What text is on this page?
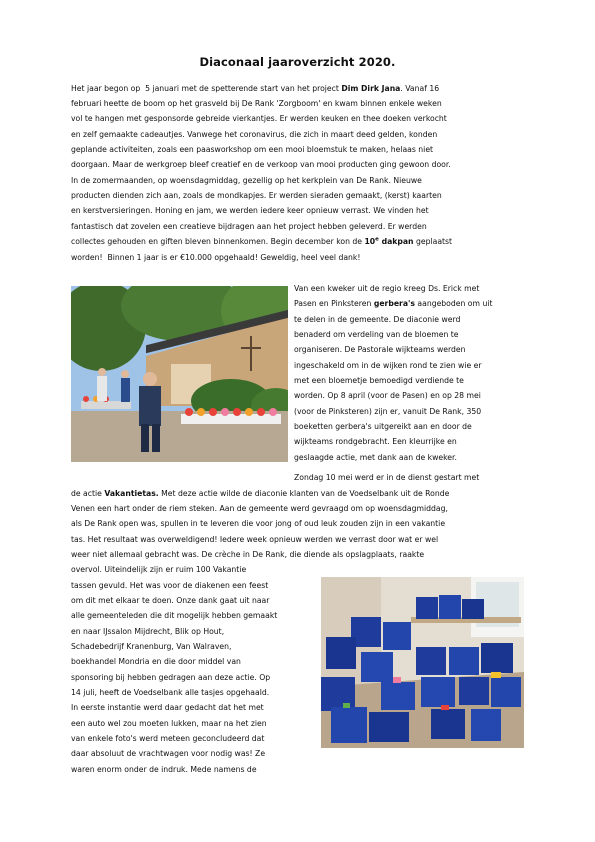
Diaconaal jaaroverzicht 2020.
Het jaar begon op  5 januari met de spetterende start van het project Dim Dirk Jana. Vanaf 16
februari heette de boom op het grasveld bij De Rank 'Zorgboom' en kwam binnen enkele weken
vol te hangen met gesponsorde gebreide vierkantjes. Er werden keuken en thee doeken verkocht
en zelf gemaakte cadeautjes. Vanwege het coronavirus, die zich in maart deed gelden, konden
geplande activiteiten, zoals een paasworkshop om een mooi bloemstuk te maken, helaas niet
doorgaan. Maar de werkgroep bleef creatief en de verkoop van mooi producten ging gewoon door.
In de zomermaanden, op woensdagmiddag, gezellig op het kerkplein van De Rank. Nieuwe
producten dienden zich aan, zoals de mondkapjes. Er werden sieraden gemaakt, (kerst) kaarten
en kerstversieringen. Honing en jam, we werden iedere keer opnieuw verrast. We vinden het
fantastisch dat zovelen een creatieve bijdragen aan het project hebben geleverd. Er werden
collectes gehouden en giften bleven binnenkomen. Begin december kon de 10e dakpan geplaatst
worden!  Binnen 1 jaar is er €10.000 opgehaald! Geweldig, heel veel dank!
Van een kweker uit de regio kreeg Ds. Erick met
Pasen en Pinksteren gerbera's aangeboden om uit
te delen in de gemeente. De diaconie werd
benaderd om verdeling van de bloemen te
organiseren. De Pastorale wijkteams werden
ingeschakeld om in de wijken rond te zien wie er
met een bloemetje bemoedigd verdiende te
worden. Op 8 april (voor de Pasen) en op 28 mei
(voor de Pinksteren) zijn er, vanuit De Rank, 350
boeketten gerbera's uitgereikt aan en door de
wijkteams rondgebracht. Een kleurrijke en
geslaagde actie, met dank aan de kweker.
Zondag 10 mei werd er in de dienst gestart met
de actie Vakantietas. Met deze actie wilde de diaconie klanten van de Voedselbank uit de Ronde
Venen een hart onder de riem steken. Aan de gemeente werd gevraagd om op woensdagmiddag,
als De Rank open was, spullen in te leveren die voor jong of oud leuk zouden zijn in een vakantie
tas. Het resultaat was overweldigend! Iedere week opnieuw werden we verrast door wat er wel
weer niet allemaal gebracht was. De crèche in De Rank, die diende als opslagplaats, raakte
overvol. Uiteindelijk zijn er ruim 100 Vakantie
tassen gevuld. Het was voor de diakenen een feest
om dit met elkaar te doen. Onze dank gaat uit naar
alle gemeenteleden die dit mogelijk hebben gemaakt
en naar IJssalon Mijdrecht, Blik op Hout,
Schadebedrijf Kranenburg, Van Walraven,
boekhandel Mondria en die door middel van
sponsoring bij hebben gedragen aan deze actie. Op
14 juli, heeft de Voedselbank alle tasjes opgehaald.
In eerste instantie werd daar gedacht dat het met
een auto wel zou moeten lukken, maar na het zien
van enkele foto's werd meteen geconcludeerd dat
daar absoluut de vrachtwagen voor nodig was! Ze
waren enorm onder de indruk. Mede namens de
